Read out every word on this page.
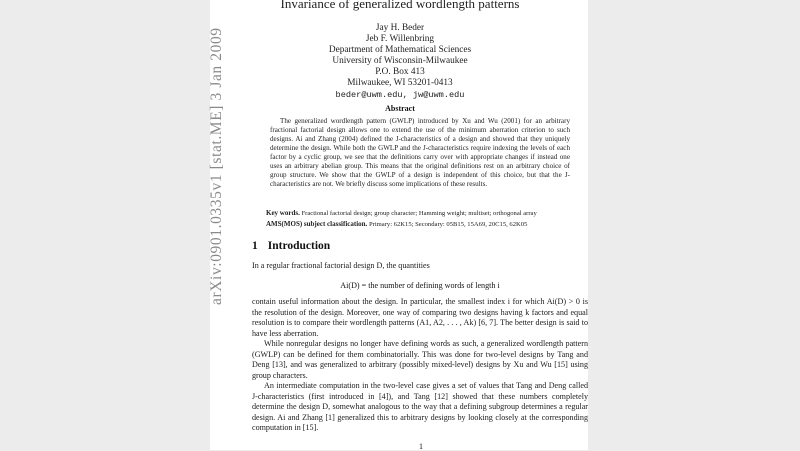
arXiv:0901.0335v1 [stat.ME] 3 Jan 2009
Invariance of generalized wordlength patterns
Jay H. Beder
Jeb F. Willenbring
Department of Mathematical Sciences
University of Wisconsin-Milwaukee
P.O. Box 413
Milwaukee, WI 53201-0413
beder@uwm.edu, jw@uwm.edu
Abstract

The generalized wordlength pattern (GWLP) introduced by Xu and Wu (2001) for an arbitrary fractional factorial design allows one to extend the use of the minimum aberration criterion to such designs. Ai and Zhang (2004) defined the J-characteristics of a design and showed that they uniquely determine the design. While both the GWLP and the J-characteristics require indexing the levels of each factor by a cyclic group, we see that the definitions carry over with appropriate changes if instead one uses an arbitrary abelian group. This means that the original definitions rest on an arbitrary choice of group structure. We show that the GWLP of a design is independent of this choice, but that the J-characteristics are not. We briefly discuss some implications of these results.

Key words. Fractional factorial design; group character; Hamming weight; multiset; orthogonal array
AMS(MOS) subject classification. Primary: 62K15; Secondary: 05B15, 15A69, 20C15, 62K05
1 Introduction

In a regular fractional factorial design D, the quantities

Ai(D) = the number of defining words of length i

contain useful information about the design. In particular, the smallest index i for which Ai(D) > 0 is the resolution of the design. Moreover, one way of comparing two designs having k factors and equal resolution is to compare their wordlength patterns (A1, A2, . . . , Ak) [6, 7]. The better design is said to have less aberration.

While nonregular designs no longer have defining words as such, a generalized wordlength pattern (GWLP) can be defined for them combinatorially. This was done for two-level designs by Tang and Deng [13], and was generalized to arbitrary (possibly mixed-level) designs by Xu and Wu [15] using group characters.

An intermediate computation in the two-level case gives a set of values that Tang and Deng called J-characteristics (first introduced in [4]), and Tang [12] showed that these numbers completely determine the design D, somewhat analogous to the way that a defining subgroup determines a regular design. Ai and Zhang [1] generalized this to arbitrary designs by looking closely at the corresponding computation in [15].

1
